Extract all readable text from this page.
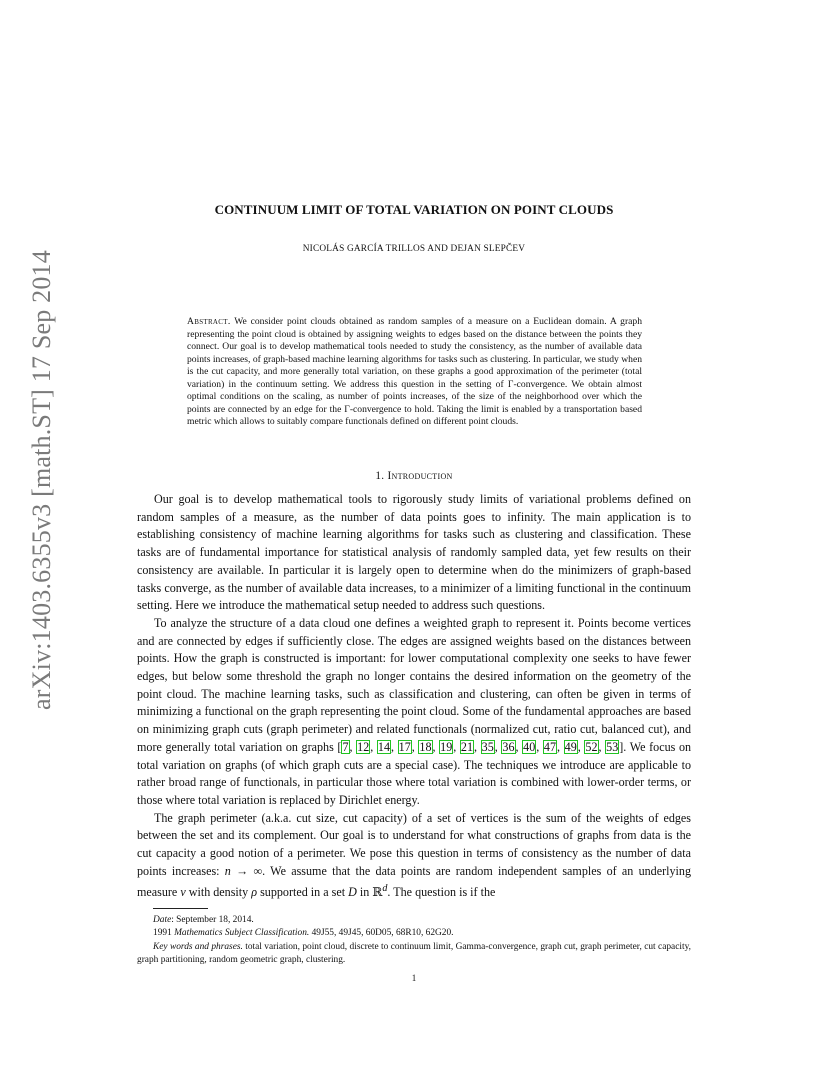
arXiv:1403.6355v3 [math.ST] 17 Sep 2014
CONTINUUM LIMIT OF TOTAL VARIATION ON POINT CLOUDS
NICOLÁS GARCÍA TRILLOS AND DEJAN SLEPČEV
Abstract. We consider point clouds obtained as random samples of a measure on a Euclidean domain. A graph representing the point cloud is obtained by assigning weights to edges based on the distance between the points they connect. Our goal is to develop mathematical tools needed to study the consistency, as the number of available data points increases, of graph-based machine learning algorithms for tasks such as clustering. In particular, we study when is the cut capacity, and more generally total variation, on these graphs a good approximation of the perimeter (total variation) in the continuum setting. We address this question in the setting of Γ-convergence. We obtain almost optimal conditions on the scaling, as number of points increases, of the size of the neighborhood over which the points are connected by an edge for the Γ-convergence to hold. Taking the limit is enabled by a transportation based metric which allows to suitably compare functionals defined on different point clouds.
1. Introduction

Our goal is to develop mathematical tools to rigorously study limits of variational problems defined on random samples of a measure, as the number of data points goes to infinity. The main application is to establishing consistency of machine learning algorithms for tasks such as clustering and classification. These tasks are of fundamental importance for statistical analysis of randomly sampled data, yet few results on their consistency are available. In particular it is largely open to determine when do the minimizers of graph-based tasks converge, as the number of available data increases, to a minimizer of a limiting functional in the continuum setting. Here we introduce the mathematical setup needed to address such questions.

To analyze the structure of a data cloud one defines a weighted graph to represent it. Points become vertices and are connected by edges if sufficiently close. The edges are assigned weights based on the distances between points. How the graph is constructed is important: for lower computational complexity one seeks to have fewer edges, but below some threshold the graph no longer contains the desired information on the geometry of the point cloud. The machine learning tasks, such as classification and clustering, can often be given in terms of minimizing a functional on the graph representing the point cloud. Some of the fundamental approaches are based on minimizing graph cuts (graph perimeter) and related functionals (normalized cut, ratio cut, balanced cut), and more generally total variation on graphs [7, 12, 14, 17, 18, 19, 21, 35, 36, 40, 47, 49, 52, 53]. We focus on total variation on graphs (of which graph cuts are a special case). The techniques we introduce are applicable to rather broad range of functionals, in particular those where total variation is combined with lower-order terms, or those where total variation is replaced by Dirichlet energy.

The graph perimeter (a.k.a. cut size, cut capacity) of a set of vertices is the sum of the weights of edges between the set and its complement. Our goal is to understand for what constructions of graphs from data is the cut capacity a good notion of a perimeter. We pose this question in terms of consistency as the number of data points increases: n → ∞. We assume that the data points are random independent samples of an underlying measure ν with density ρ supported in a set D in ℝ$^d$. The question is if the

Date: September 18, 2014.

1991 Mathematics Subject Classification. 49J55, 49J45, 60D05, 68R10, 62G20.

Key words and phrases. total variation, point cloud, discrete to continuum limit, Gamma-convergence, graph cut, graph perimeter, cut capacity, graph partitioning, random geometric graph, clustering.

1
